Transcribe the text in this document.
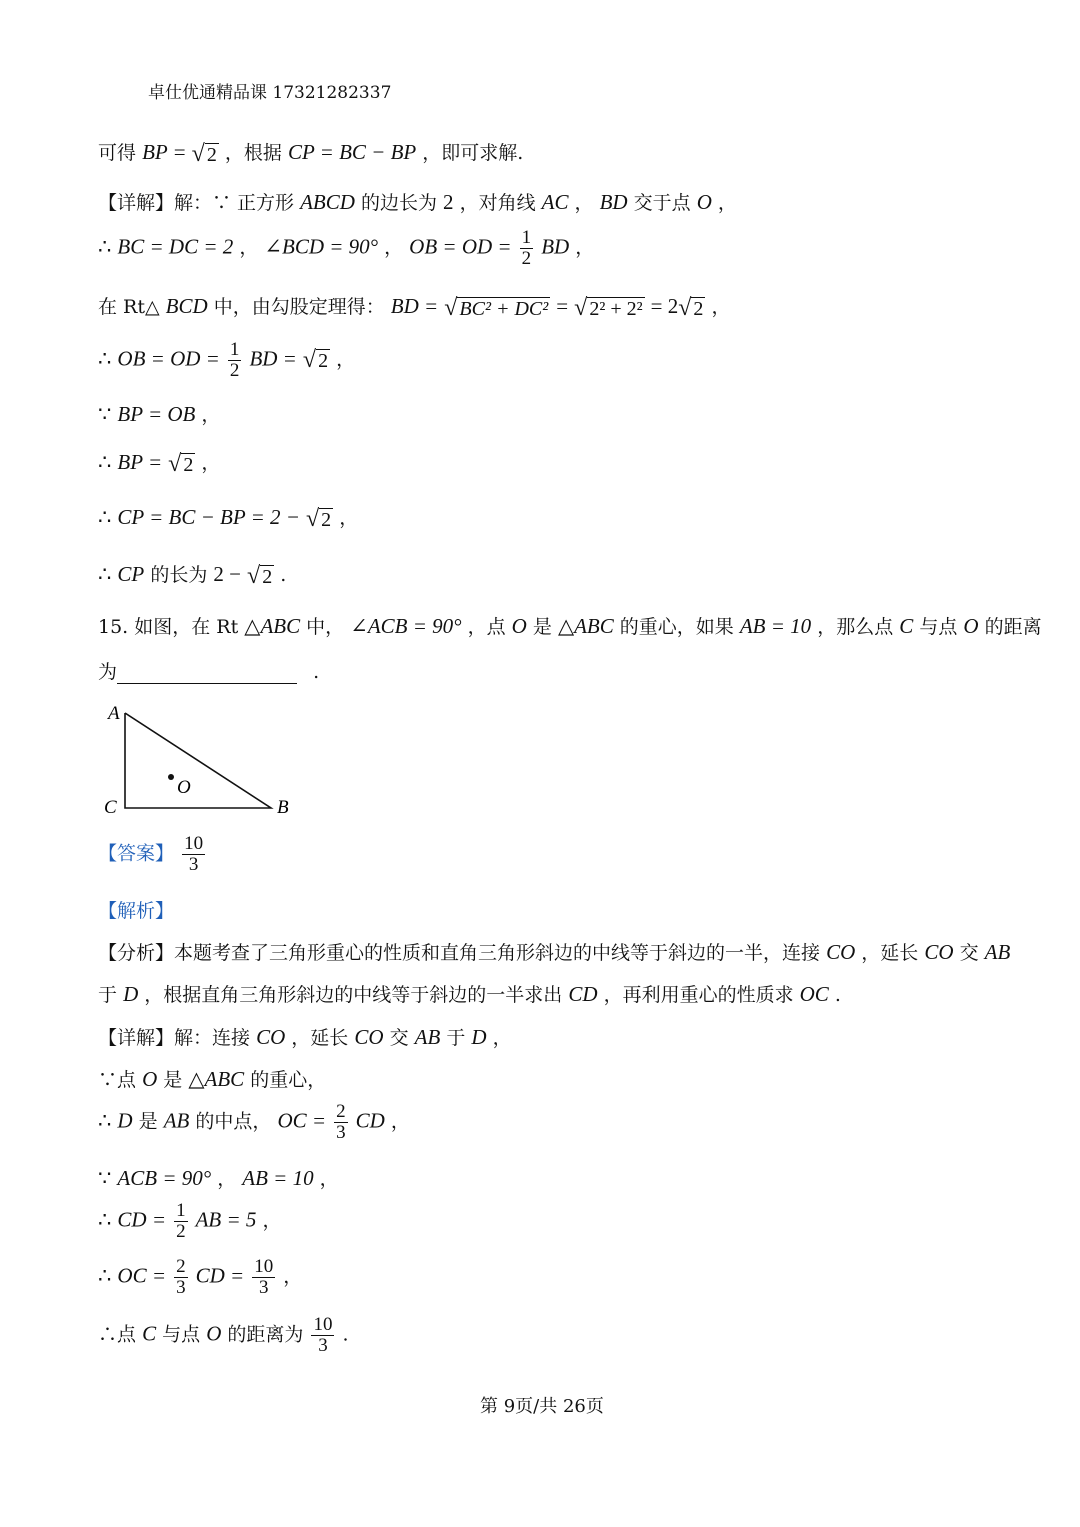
卓仕优通精品课 17321282337
可得 BP = √ 2 ，根据 CP = BC − BP ，即可求解.
【详解】解：∵ 正方形 ABCD 的边长为 2 ，对角线 AC ， BD 交于点 O ，
∴ BC = DC = 2 ， ∠BCD = 90° ， OB = OD = $\frac{1}{2}$ BD ，
在 Rt△ BCD 中，由勾股定理得： BD = √ BC² + DC² = √ 2² + 2² = 2√ 2 ，
∴ OB = OD = $\frac{1}{2}$ BD = √ 2 ，
∵ BP = OB ，
∴ BP = √ 2 ，
∴ CP = BC − BP = 2 − √ 2 ，
∴ CP 的长为 2 − √ 2 .
15. 如图，在 Rt △ABC 中， ∠ACB = 90° ，点 O 是 △ABC 的重心，如果 AB = 10 ，那么点 C 与点 O 的距离
为	.
A
C	B
O
【答案】 $\frac{10}{3}$
【解析】
【分析】本题考查了三角形重心的性质和直角三角形斜边的中线等于斜边的一半，连接 CO ，延长 CO 交 AB
于 D ，根据直角三角形斜边的中线等于斜边的一半求出 CD ，再利用重心的性质求 OC .
【详解】解：连接 CO ，延长 CO 交 AB 于 D ，
∵点 O 是 △ABC 的重心，
∴ D 是 AB 的中点， OC = $\frac{2}{3}$ CD ，
∵ ACB = 90° ， AB = 10 ，
∴ CD = $\frac{1}{2}$ AB = 5 ，
∴ OC = $\frac{2}{3}$ CD = $\frac{10}{3}$ ，
∴点 C 与点 O 的距离为 $\frac{10}{3}$ .
第 9页/共 26页
